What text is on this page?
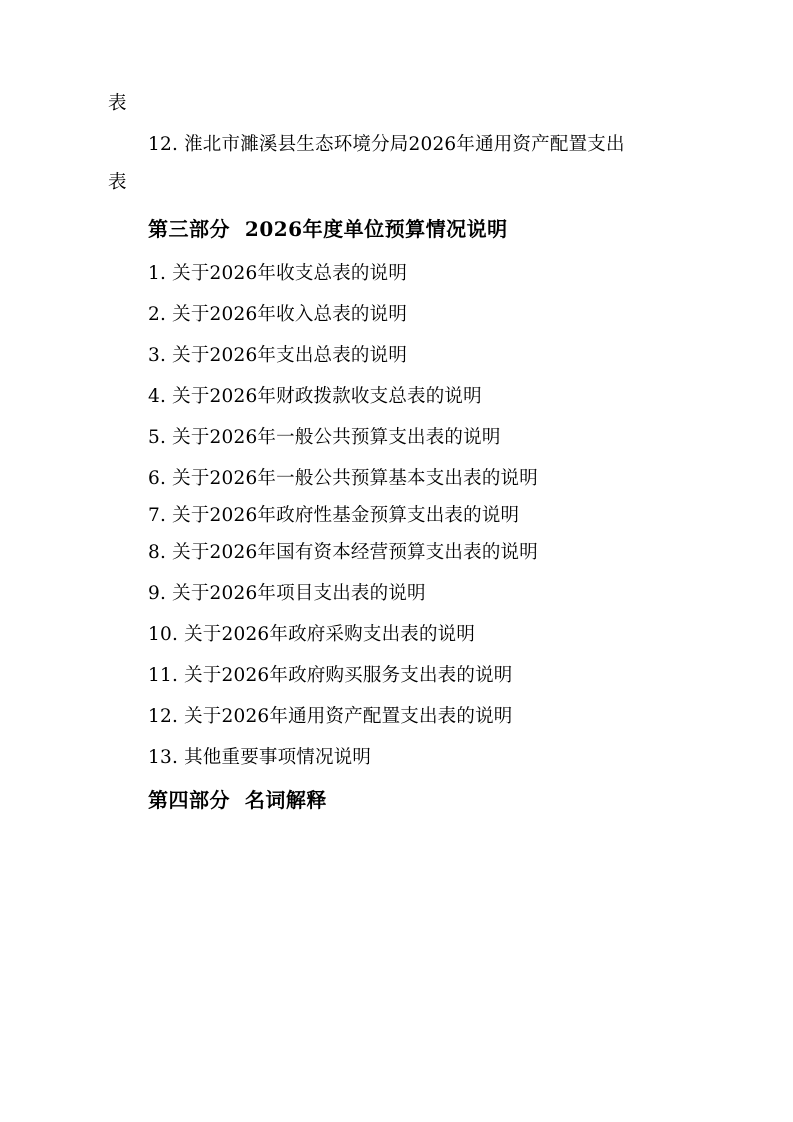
表
12. 淮北市濉溪县生态环境分局2026年通用资产配置支出
表
第三部分  2026年度单位预算情况说明
1. 关于2026年收支总表的说明
2. 关于2026年收入总表的说明
3. 关于2026年支出总表的说明
4. 关于2026年财政拨款收支总表的说明
5. 关于2026年一般公共预算支出表的说明
6. 关于2026年一般公共预算基本支出表的说明
7. 关于2026年政府性基金预算支出表的说明
8. 关于2026年国有资本经营预算支出表的说明
9. 关于2026年项目支出表的说明
10. 关于2026年政府采购支出表的说明
11. 关于2026年政府购买服务支出表的说明
12. 关于2026年通用资产配置支出表的说明
13. 其他重要事项情况说明
第四部分  名词解释
